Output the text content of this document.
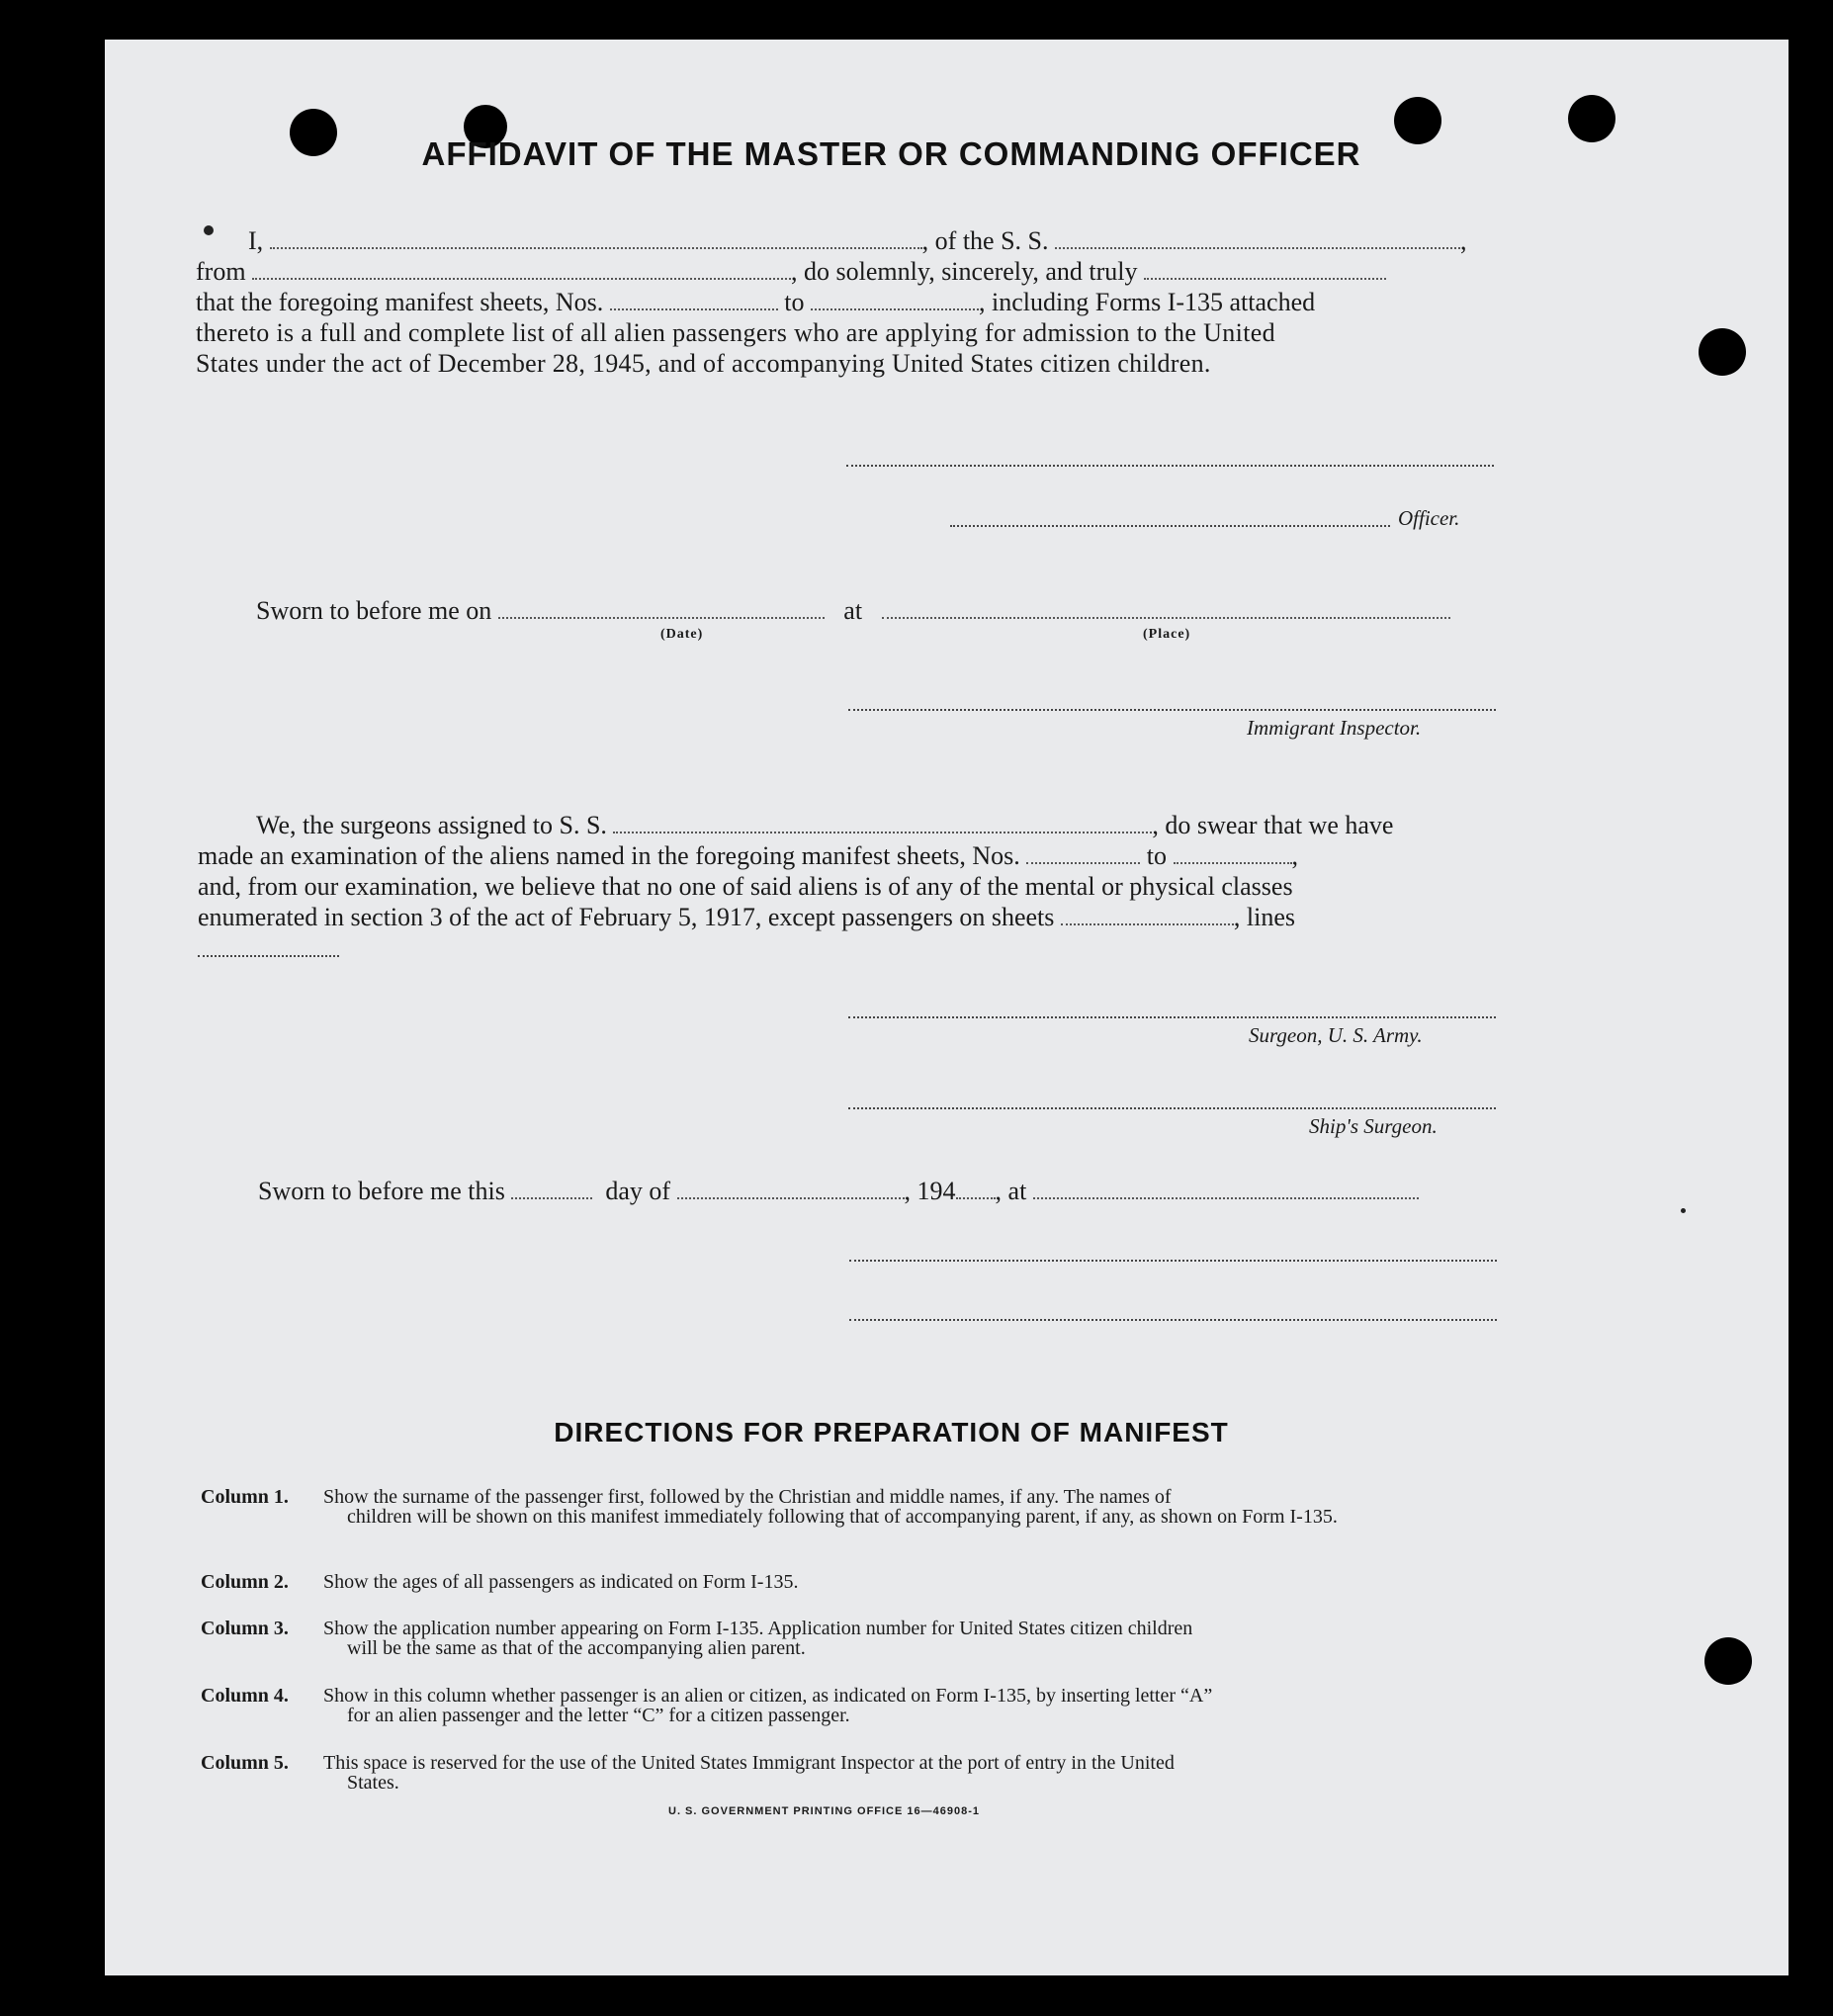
AFFIDAVIT OF THE MASTER OR COMMANDING OFFICER
I,	, of the S. S.	,
from	, do solemnly, sincerely, and truly
that the foregoing manifest sheets, Nos.	to	, including Forms I-135 attached
thereto is a full and complete list of all alien passengers who are applying for admission to the United
States under the act of December 28, 1945, and of accompanying United States citizen children.
Officer.
Sworn to before me on	at
(Date)	(Place)
Immigrant Inspector.
We, the surgeons assigned to S. S.	, do swear that we have
made an examination of the aliens named in the foregoing manifest sheets, Nos.	to	,
and, from our examination, we believe that no one of said aliens is of any of the mental or physical classes
enumerated in section 3 of the act of February 5, 1917, except passengers on sheets	, lines
Surgeon, U. S. Army.
Ship's Surgeon.
Sworn to before me this	day of	, 194 , at
DIRECTIONS FOR PREPARATION OF MANIFEST
Column 1. Show the surname of the passenger first, followed by the Christian and middle names, if any. The names of
children will be shown on this manifest immediately following that of accompanying parent, if any, as shown on Form I-135.
Column 2. Show the ages of all passengers as indicated on Form I-135.
Column 3. Show the application number appearing on Form I-135. Application number for United States citizen children
will be the same as that of the accompanying alien parent.
Column 4. Show in this column whether passenger is an alien or citizen, as indicated on Form I-135, by inserting letter “A”
for an alien passenger and the letter “C” for a citizen passenger.
Column 5. This space is reserved for the use of the United States Immigrant Inspector at the port of entry in the United
States.
U. S. GOVERNMENT PRINTING OFFICE 16—46908-1
